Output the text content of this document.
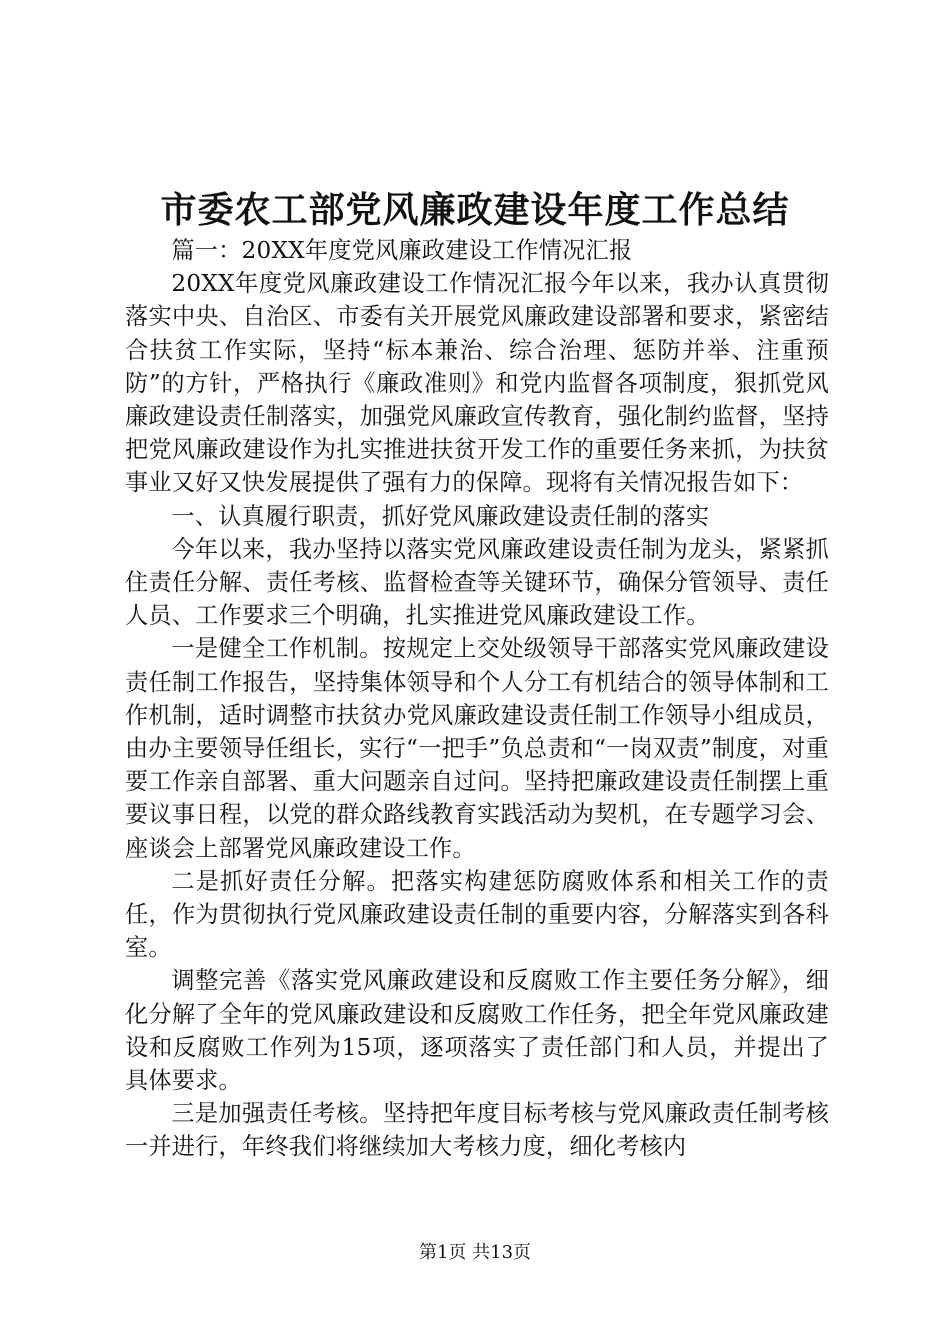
市委农工部党风廉政建设年度工作总结

篇一：20XX年度党风廉政建设工作情况汇报

20XX年度党风廉政建设工作情况汇报今年以来，我办认真贯彻落实中央、自治区、市委有关开展党风廉政建设部署和要求，紧密结合扶贫工作实际，坚持“标本兼治、综合治理、惩防并举、注重预防”的方针，严格执行《廉政准则》和党内监督各项制度，狠抓党风廉政建设责任制落实，加强党风廉政宣传教育，强化制约监督，坚持把党风廉政建设作为扎实推进扶贫开发工作的重要任务来抓，为扶贫事业又好又快发展提供了强有力的保障。现将有关情况报告如下：

一、认真履行职责，抓好党风廉政建设责任制的落实

今年以来，我办坚持以落实党风廉政建设责任制为龙头，紧紧抓住责任分解、责任考核、监督检查等关键环节，确保分管领导、责任人员、工作要求三个明确，扎实推进党风廉政建设工作。

一是健全工作机制。按规定上交处级领导干部落实党风廉政建设责任制工作报告，坚持集体领导和个人分工有机结合的领导体制和工作机制，适时调整市扶贫办党风廉政建设责任制工作领导小组成员，由办主要领导任组长，实行“一把手”负总责和“一岗双责”制度，对重要工作亲自部署、重大问题亲自过问。坚持把廉政建设责任制摆上重要议事日程，以党的群众路线教育实践活动为契机，在专题学习会、座谈会上部署党风廉政建设工作。

二是抓好责任分解。把落实构建惩防腐败体系和相关工作的责任，作为贯彻执行党风廉政建设责任制的重要内容，分解落实到各科室。

调整完善《落实党风廉政建设和反腐败工作主要任务分解》，细化分解了全年的党风廉政建设和反腐败工作任务，把全年党风廉政建设和反腐败工作列为15项，逐项落实了责任部门和人员，并提出了具体要求。

三是加强责任考核。坚持把年度目标考核与党风廉政责任制考核一并进行，年终我们将继续加大考核力度，细化考核内

第1页 共13页
